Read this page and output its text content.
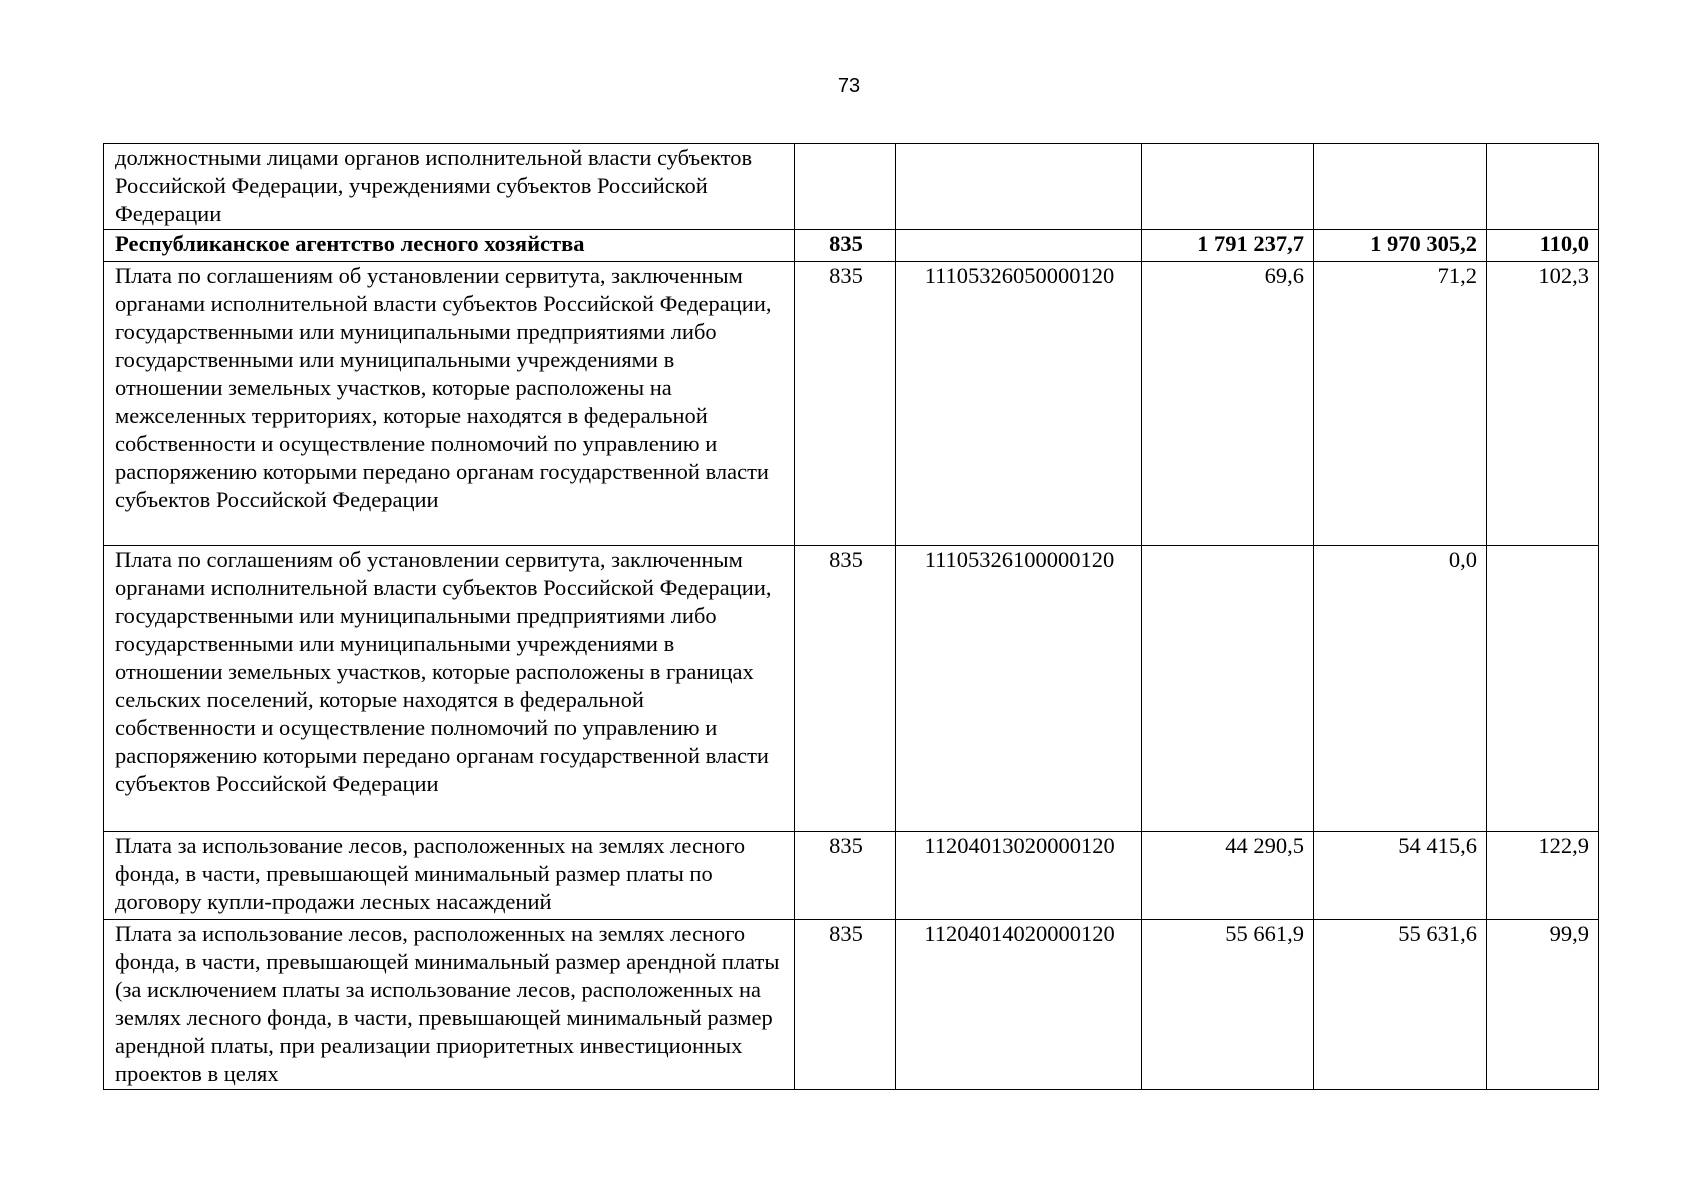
73
должностными лицами органов исполнительной власти субъектов Российской Федерации, учреждениями субъектов Российской Федерации					

Республиканское агентство лесного хозяйства	835		1 791 237,7	1 970 305,2	110,0

Плата по соглашениям об установлении сервитута, заключенным органами исполнительной власти субъектов Российской Федерации, государственными или муниципальными предприятиями либо государственными или муниципальными учреждениями в отношении земельных участков, которые расположены на межселенных территориях, которые находятся в федеральной собственности и осуществление полномочий по управлению и распоряжению которыми передано органам государственной власти субъектов Российской Федерации	835	11105326050000120	69,6	71,2	102,3

Плата по соглашениям об установлении сервитута, заключенным органами исполнительной власти субъектов Российской Федерации, государственными или муниципальными предприятиями либо государственными или муниципальными учреждениями в отношении земельных участков, которые расположены в границах сельских поселений, которые находятся в федеральной собственности и осуществление полномочий по управлению и распоряжению которыми передано органам государственной власти субъектов Российской Федерации	835	11105326100000120		0,0	

Плата за использование лесов, расположенных на землях лесного фонда, в части, превышающей минимальный размер платы по договору купли-продажи лесных насаждений	835	11204013020000120	44 290,5	54 415,6	122,9

Плата за использование лесов, расположенных на землях лесного фонда, в части, превышающей минимальный размер арендной платы (за исключением платы за использование лесов, расположенных на землях лесного фонда, в части, превышающей минимальный размер арендной платы, при реализации приоритетных инвестиционных проектов в целях	835	11204014020000120	55 661,9	55 631,6	99,9
